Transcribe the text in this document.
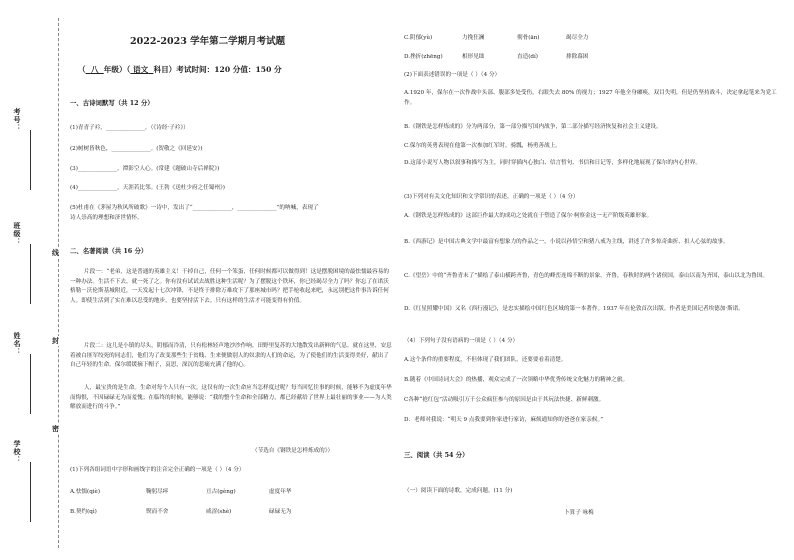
考号：
班级：
姓名：
学校：
线
封
密
2022-2023 学年第二学期月考试题
（ 八 年级）（ 语文 科目）考试时间：120 分值：150 分
一、古诗词默写（共 12 分）
(1)青青子衿，______________。（《诗经·子衿》）
(2)树树皆秋色，______________。(贺敬之《回延安》)
(3)______________，潭影空人心。(常建《题破山寺后禅院》)
(4)______________，天涯若比邻。(王勃《送杜少府之任蜀州》)
(5)杜甫在《茅屋为秋风所破歌》一诗中，发出了“______________，______________”的呐喊，表现了
诗人崇高的理想和济世情怀。
二、名著阅读（共 16 分）
片段一：“老弟，这是普通的英雄主义！干掉自己，任何一个笨蛋，任何时候都可以做得到！这是摆脱困境的最怯懦最容易的一种办法。生活不下去，就一死了之。你有没有试试去战胜这种生活呢？为了摆脱这个铁环，你已经竭尽全力了吗？你忘了在诺沃格勒－沃伦斯基城附近，一天发起十七次冲锋，不是终于排除万难攻下了那座城市吗？把手枪收起来吧，永远别把这件事告诉任何人。即使生活到了实在难以忍受的地步，也要坚持活下去。只有这样的生活才可能变得有价值。
片段二：这儿是小镇的尽头，阴郁而冷清，只有松林轻声地沙沙作响。田野里复苏的大地散发出新鲜的气息。就在这里，安息着被白匪军绞死的同志们，他们为了改变那些生于贫贱、生来便做别人的奴隶的人们的命运，为了使他们的生活变得美好，献出了自己年轻的生命。保尔缓缓摘下帽子，哀思，深沉的悲痛充满了他的心。
人，最宝贵的是生命。生命对每个人只有一次。这仅有的一次生命应当怎样度过呢？每当回忆往事的时候，能够不为虚度年华而悔恨，不因碌碌无为而羞愧；在临终的时候，能够说：“我的整个生命和全部精力，都已经献给了世界上最壮丽的事业——为人类解放而进行的斗争。”
（节选自《钢铁是怎样炼成的》）
(1)下列各组词语中字形和画线字的注音完全正确的一项是（ ）（4 分）
A.怯懦(qiè)	鞠躬尽瘁	亘古(gèng)	虚度年华
B.契约(qì)	锲而不舍	咸涩(shè)	碌碌无为
C.阴郁(yù)	力挽狂澜	彻骨(ān)	竭尽全力
D.挫折(zhēng)	相形见绌	直造(dí)	排除幕困
(2)下面表述错误的一项是（ ）（4 分）
A.1920 年，保尔在一次作战中头部、腹部多处受伤，右眼失去 80% 的视力；1927 年他全身瘫痪，双目失明，但是仍坚持战斗，决定拿起笔来为党工作。
B.《钢铁是怎样炼成的》分为两部分，第一部分描写国内战争，第二部分描写经济恢复和社会主义建设。
C.保尔的英勇表现在他第一次参加红军时，骑瓢，杨勇善战上。
D.这部小说写人物以叙事和描写为主，同时穿插内心独白、信言暂句、书信和日记等，多样化地展现了保尔的内心世界。
(3)下列对有关文化知识和文学常识的表述，正确的一项是（ ）（4 分）
A.《钢铁是怎样炼成的》这部巨作最大的成功之处就在于塑造了保尔·柯察金这一无产阶级英雄形象。
B.《西游记》是中国古典文学中最富有想象力的作品之一，小说以孙悟空和猪八戒为主线，讲述了许多惊奇曲折、扣人心弦的故事。
C.《望岳》中的“齐鲁青未了”描绘了泰山横跨齐鲁，青色的峰峦连绵不断的景象。齐鲁，春秋时的两个诸侯国，泰山以南为齐国，泰山以北为鲁国。
D.《红星照耀中国》又名《西行漫记》，是忠实描绘中国红色区域的第一本著作。1937 年在伦敦首次出版。作者是美国记者埃德加·斯诺。
（4）下列句子没有语病的一项是（ ）（4 分）
A.这个条件的重要程度，不但体现了我们团队，还要要看着清楚。
B.随着《中国诗词大会》的热播，观众完成了一次领略中华优秀传统文化魅力的精神之旅。
C各种“抢红包”活动吸引万千公众疯狂参与的原因是由于其玩法快捷、新鲜刺激。
D．老师对我说：“明天 9 点我要到你家进行家访，麻烦通知你的爸爸在家亲候。”
三、阅读（共 54 分）
（一）阅读下面的诗歌，完成问题。(11 分)
卜算子 咏梅
